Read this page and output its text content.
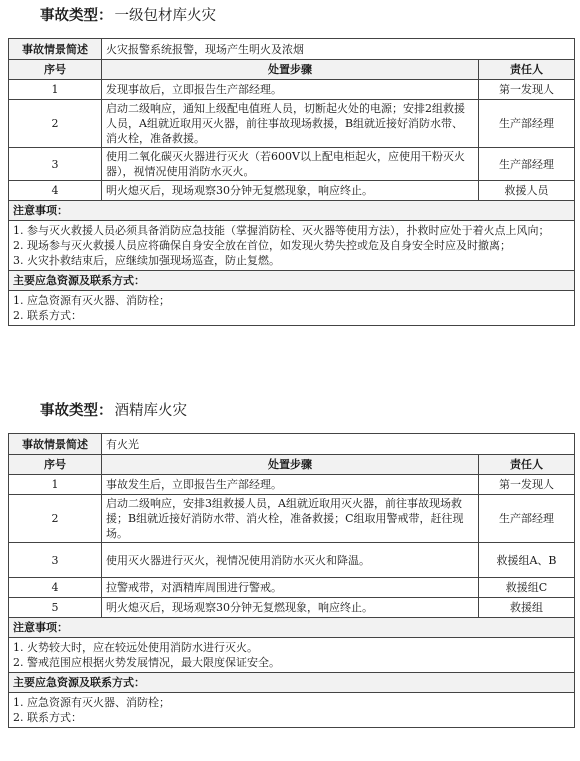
事故类型： 一级包材库火灾
事故情景简述	火灾报警系统报警，现场产生明火及浓烟	
序号	处置步骤	责任人
1	发现事故后，立即报告生产部经理。	第一发现人
2	启动二级响应，通知上级配电值班人员，切断起火处的电源；安排2组救援人员，A组就近取用灭火器，前往事故现场救援，B组就近接好消防水带、消火栓，准备救援。	生产部经理
3	使用二氧化碳灭火器进行灭火（若600V以上配电柜起火，应使用干粉灭火器），视情况使用消防水灭火。	生产部经理
4	明火熄灭后，现场观察30分钟无复燃现象，响应终止。	救援人员
注意事项：		

1. 参与灭火救援人员必须具备消防应急技能（掌握消防栓、灭火器等使用方法），扑救时应处于着火点上风向；
2. 现场参与灭火救援人员应将确保自身安全放在首位，如发现火势失控或危及自身安全时应及时撤离；
3. 火灾扑救结束后，应继续加强现场巡查，防止复燃。		

主要应急资源及联系方式：		

1. 应急资源有灭火器、消防栓；
2. 联系方式：		
事故类型： 酒精库火灾
事故情景简述	有火光	
序号	处置步骤	责任人
1	事故发生后，立即报告生产部经理。	第一发现人
2	启动二级响应，安排3组救援人员，A组就近取用灭火器，前往事故现场救援；B组就近接好消防水带、消火栓，准备救援；C组取用警戒带，赶往现场。	生产部经理
3	使用灭火器进行灭火，视情况使用消防水灭火和降温。	救援组A、B
4	拉警戒带，对酒精库周围进行警戒。	救援组C
5	明火熄灭后，现场观察30分钟无复燃现象，响应终止。	救援组
注意事项：		

1. 火势较大时，应在较远处使用消防水进行灭火。
2. 警戒范围应根据火势发展情况，最大限度保证安全。		

主要应急资源及联系方式：		

1. 应急资源有灭火器、消防栓；
2. 联系方式：		
